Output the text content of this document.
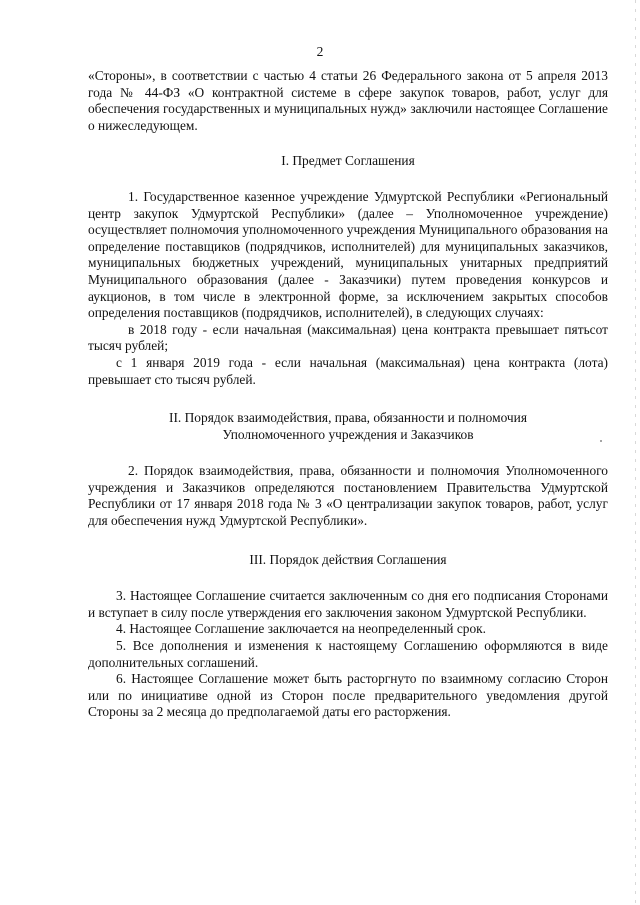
2

«Стороны», в соответствии с частью 4 статьи 26 Федерального закона от 5 апреля 2013 года № 44-ФЗ «О контрактной системе в сфере закупок товаров, работ, услуг для обеспечения государственных и муниципальных нужд» заключили настоящее Соглашение о нижеследующем.

I. Предмет Соглашения

1. Государственное казенное учреждение Удмуртской Республики «Региональный центр закупок Удмуртской Республики» (далее – Уполномоченное учреждение) осуществляет полномочия уполномоченного учреждения Муниципального образования на определение поставщиков (подрядчиков, исполнителей) для муниципальных заказчиков, муниципальных бюджетных учреждений, муниципальных унитарных предприятий Муниципального образования (далее - Заказчики) путем проведения конкурсов и аукционов, в том числе в электронной форме, за исключением закрытых способов определения поставщиков (подрядчиков, исполнителей), в следующих случаях:

в 2018 году - если начальная (максимальная) цена контракта превышает пятьсот тысяч рублей;

с 1 января 2019 года - если начальная (максимальная) цена контракта (лота) превышает сто тысяч рублей.

II. Порядок взаимодействия, права, обязанности и полномочия
Уполномоченного учреждения и Заказчиков

2. Порядок взаимодействия, права, обязанности и полномочия Уполномоченного учреждения и Заказчиков определяются постановлением Правительства Удмуртской Республики от 17 января 2018 года № 3 «О централизации закупок товаров, работ, услуг для обеспечения нужд Удмуртской Республики».

III. Порядок действия Соглашения

3. Настоящее Соглашение считается заключенным со дня его подписания Сторонами и вступает в силу после утверждения его заключения законом Удмуртской Республики.

4. Настоящее Соглашение заключается на неопределенный срок.

5. Все дополнения и изменения к настоящему Соглашению оформляются в виде дополнительных соглашений.

6. Настоящее Соглашение может быть расторгнуто по взаимному согласию Сторон или по инициативе одной из Сторон после предварительного уведомления другой Стороны за 2 месяца до предполагаемой даты его расторжения.
